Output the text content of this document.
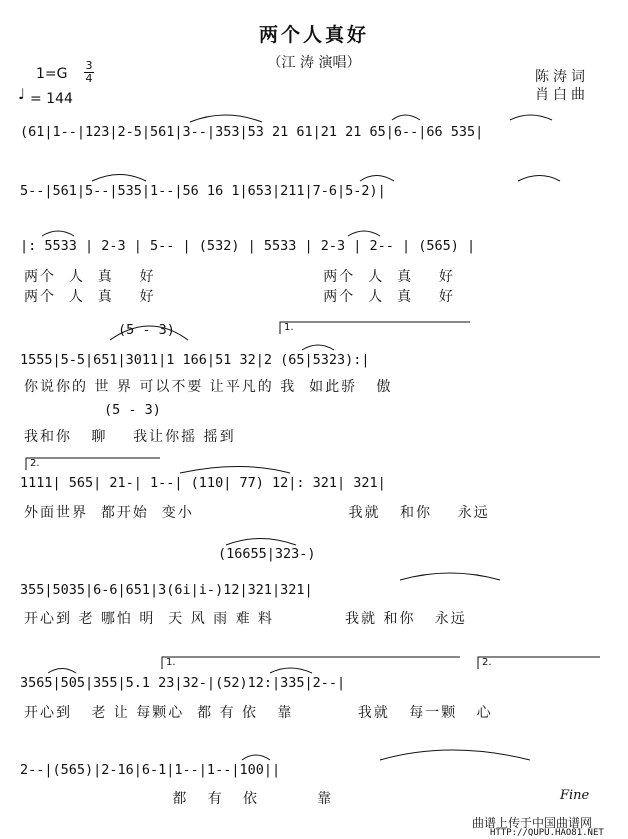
两个人真好
（江 涛 演唱）
陈涛词
肖白曲
1=G
3
4
♩ = 144
(61|1--|123|2-5|561|3--|353|53 21 61|21 21 65|6--|66 535|
5--|561|5--|535|1--|56 16 1|653|211|7-6|5-2)|
|: 5533 | 2-3 | 5-- | (532) | 5533 | 2-3 | 2-- | (565) |
两个  人  真    好                          两个  人  真    好
两个  人  真    好                          两个  人  真    好
(5 - 3)
1555|5-5|651|3011|1 166|51 32|2 (65|5323):|
你说你的 世 界 可以不要 让平凡的 我  如此骄   傲
(5 - 3)
我和你   聊    我让你摇 摇到
1111| 565| 21-| 1--| (110| 77) 12|: 321| 321|
外面世界  都开始  变小                        我就   和你    永远
(16655|323-)
355|5035|6-6|651|3(6i|i-)12|321|321|
开心到 老 哪怕 明  天 风 雨 难 料           我就 和你   永远
3565|505|355|5.1 23|32-|(52)12:|335|2--|
开心到   老 让 每颗心  都 有 依   靠          我就   每一颗   心
2--|(565)|2-16|6-1|1--|1--|100||
都   有   依         靠	Fine
1.
2.
1.	2.
曲谱上传于中国曲谱网
HTTP://QUPU.HAO81.NET
